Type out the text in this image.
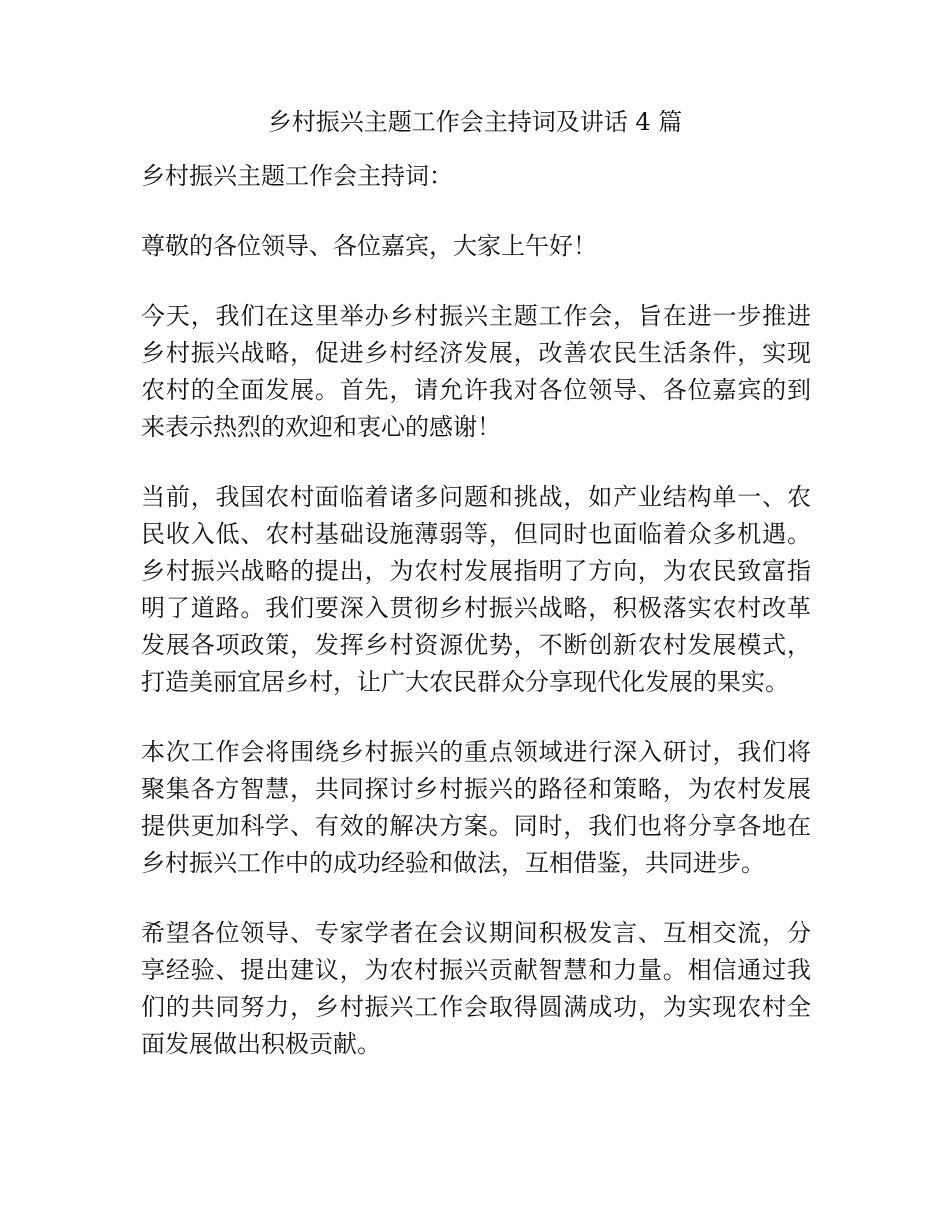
乡村振兴主题工作会主持词及讲话 4 篇

乡村振兴主题工作会主持词：

尊敬的各位领导、各位嘉宾，大家上午好！

今天，我们在这里举办乡村振兴主题工作会，旨在进一步推进

乡村振兴战略，促进乡村经济发展，改善农民生活条件，实现

农村的全面发展。首先，请允许我对各位领导、各位嘉宾的到

来表示热烈的欢迎和衷心的感谢！

当前，我国农村面临着诸多问题和挑战，如产业结构单一、农

民收入低、农村基础设施薄弱等，但同时也面临着众多机遇。

乡村振兴战略的提出，为农村发展指明了方向，为农民致富指

明了道路。我们要深入贯彻乡村振兴战略，积极落实农村改革

发展各项政策，发挥乡村资源优势，不断创新农村发展模式，

打造美丽宜居乡村，让广大农民群众分享现代化发展的果实。

本次工作会将围绕乡村振兴的重点领域进行深入研讨，我们将

聚集各方智慧，共同探讨乡村振兴的路径和策略，为农村发展

提供更加科学、有效的解决方案。同时，我们也将分享各地在

乡村振兴工作中的成功经验和做法，互相借鉴，共同进步。

希望各位领导、专家学者在会议期间积极发言、互相交流，分

享经验、提出建议，为农村振兴贡献智慧和力量。相信通过我

们的共同努力，乡村振兴工作会取得圆满成功，为实现农村全

面发展做出积极贡献。
